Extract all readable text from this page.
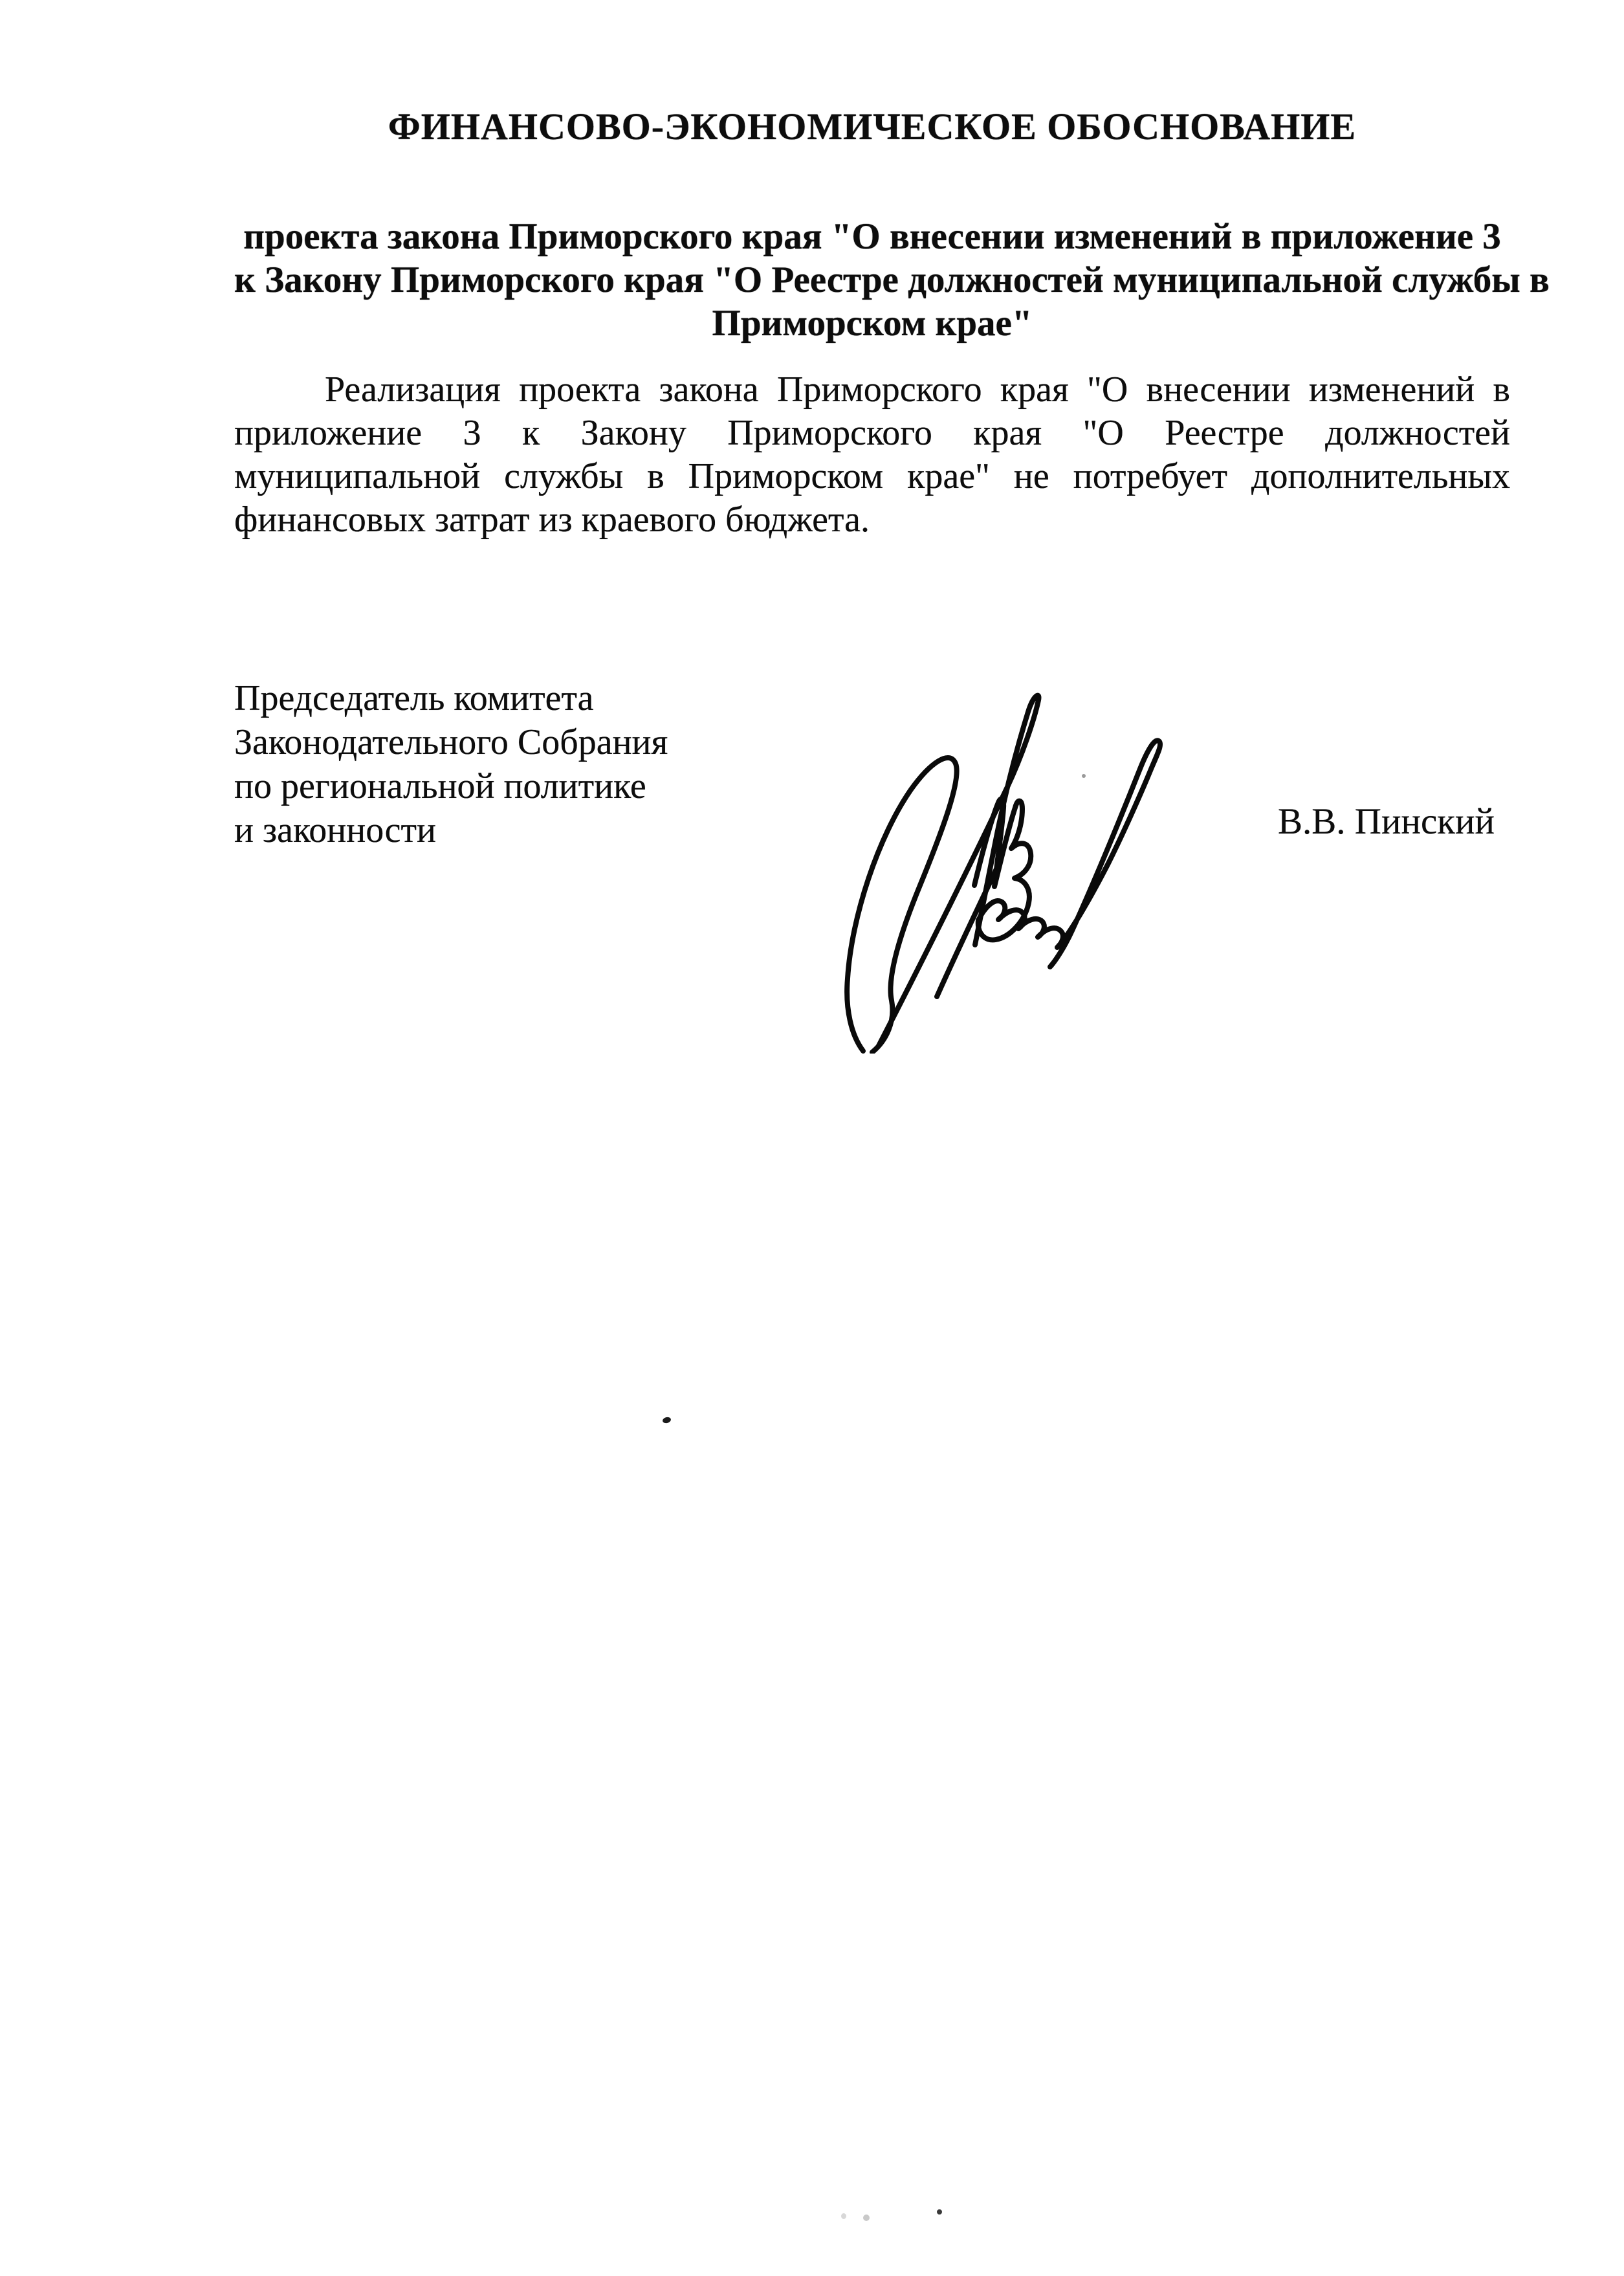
ФИНАНСОВО-ЭКОНОМИЧЕСКОЕ ОБОСНОВАНИЕ
проекта закона Приморского края "О внесении изменений в приложение 3
к Закону Приморского края "О Реестре должностей муниципальной службы в
Приморском крае"
Реализация проекта закона Приморского края "О внесении изменений в
приложение 3 к Закону Приморского края "О Реестре должностей
муниципальной службы в Приморском крае" не потребует дополнительных
финансовых затрат из краевого бюджета.
Председатель комитета
Законодательного Собрания
по региональной политике
и законности	В.В. Пинский
